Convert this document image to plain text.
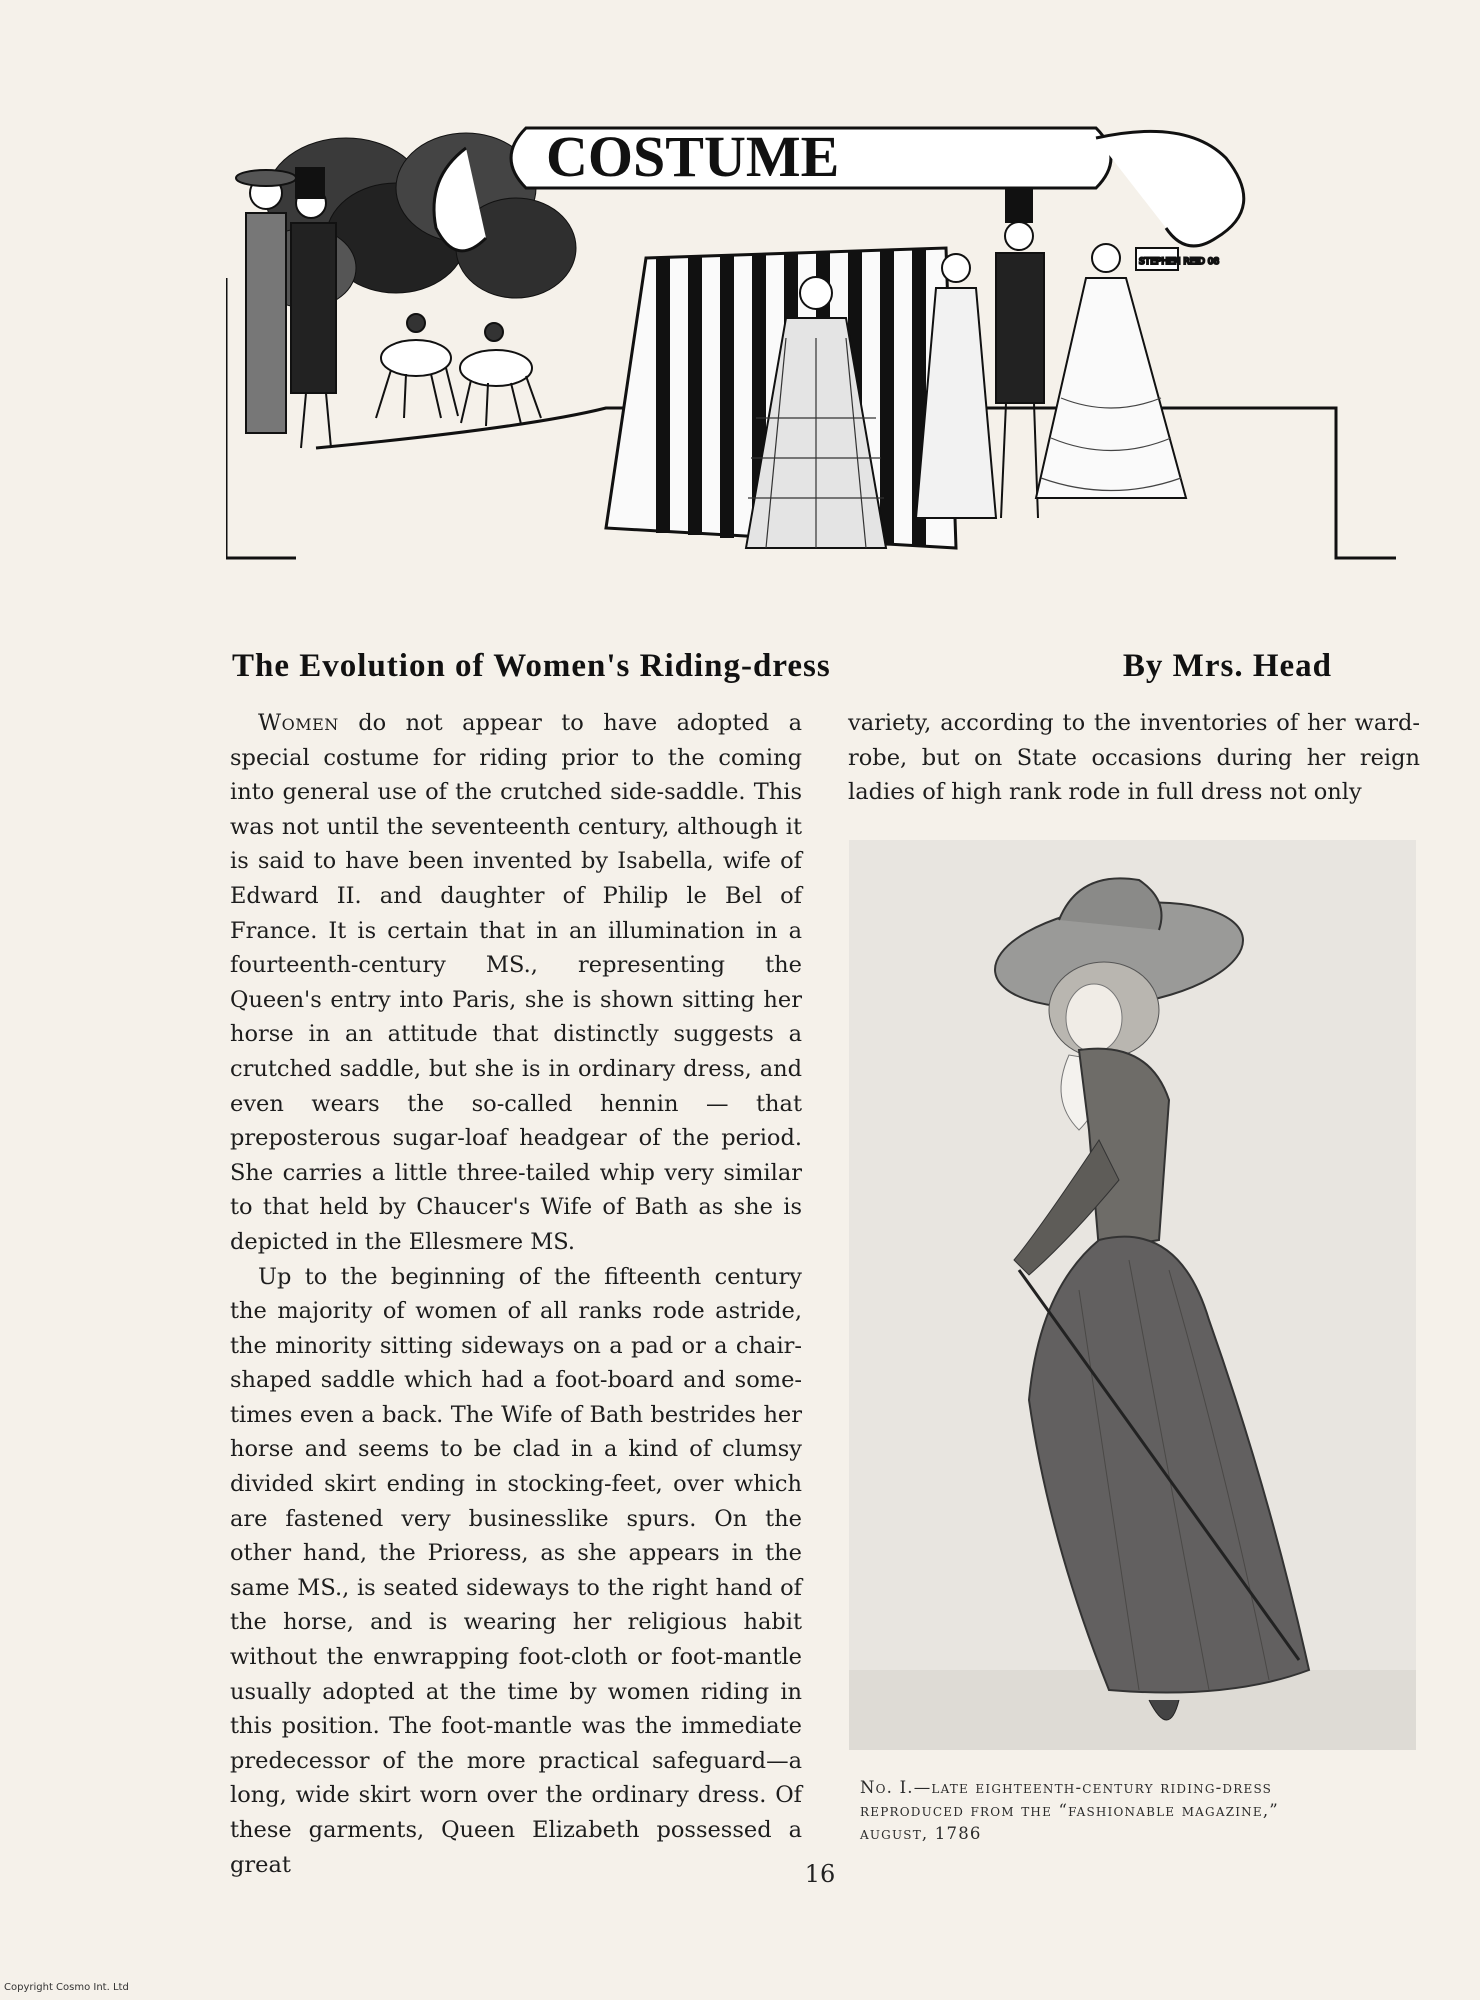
COSTUME
STEPHEN REID 08
The Evolution of Women's Riding-dress	By Mrs. Head

Women do not appear to have adopted a special costume for riding prior to the coming into general use of the crutched side-saddle. This was not until the seventeenth century, although it is said to have been invented by Isabella, wife of Edward II. and daughter of Philip le Bel of France. It is certain that in an illumination in a fourteenth-century MS., representing the Queen's entry into Paris, she is shown sitting her horse in an attitude that distinctly suggests a crutched saddle, but she is in ordinary dress, and even wears the so-called hennin — that preposterous sugar-loaf headgear of the period. She carries a little three-tailed whip very similar to that held by Chaucer's Wife of Bath as she is depicted in the Ellesmere MS.

Up to the beginning of the fifteenth century the majority of women of all ranks rode astride, the minority sitting sideways on a pad or a chair-shaped saddle which had a foot-board and some-times even a back. The Wife of Bath bestrides her horse and seems to be clad in a kind of clumsy divided skirt ending in stocking-feet, over which are fastened very businesslike spurs. On the other hand, the Prioress, as she appears in the same MS., is seated sideways to the right hand of the horse, and is wearing her religious habit without the enwrapping foot-cloth or foot-mantle usually adopted at the time by women riding in this position. The foot-mantle was the immediate predecessor of the more practical safeguard—a long, wide skirt worn over the ordinary dress. Of these garments, Queen Elizabeth possessed a great

variety, according to the inventories of her ward-robe, but on State occasions during her reign ladies of high rank rode in full dress not only

No. I.—late eighteenth-century riding-dress
reproduced from the “fashionable magazine,”
august, 1786
16
Copyright Cosmo Int. Ltd
